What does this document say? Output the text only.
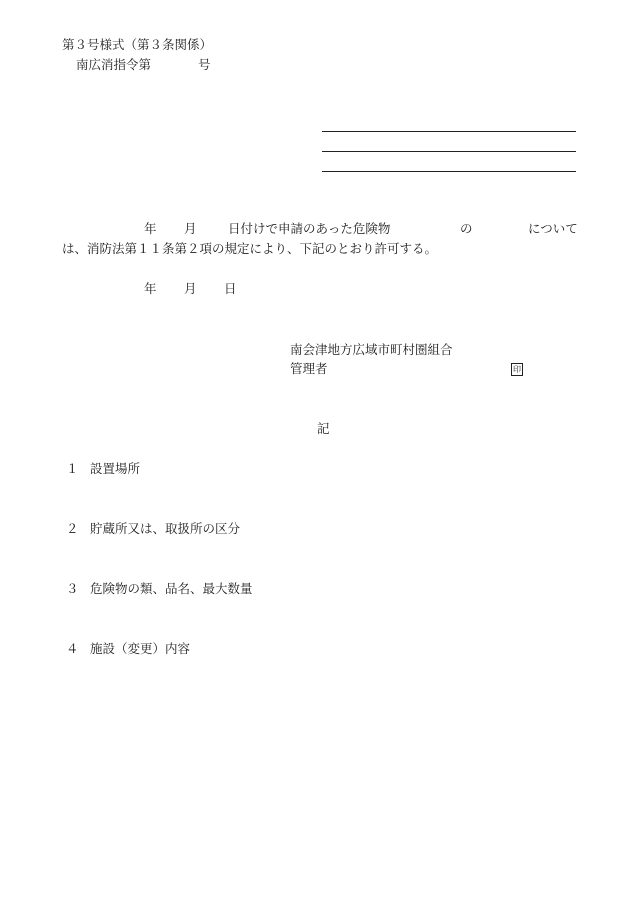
第３号様式（第３条関係）
南広消指令第	号
年 月	日付けで申請のあった危険物	の	について
は、消防法第１１条第２項の規定により、下記のとおり許可する。
年 月 日
南会津地方広域市町村圏組合
管理者	印
記
１ 設置場所
２ 貯蔵所又は、取扱所の区分
３ 危険物の類、品名、最大数量
４ 施設（変更）内容
